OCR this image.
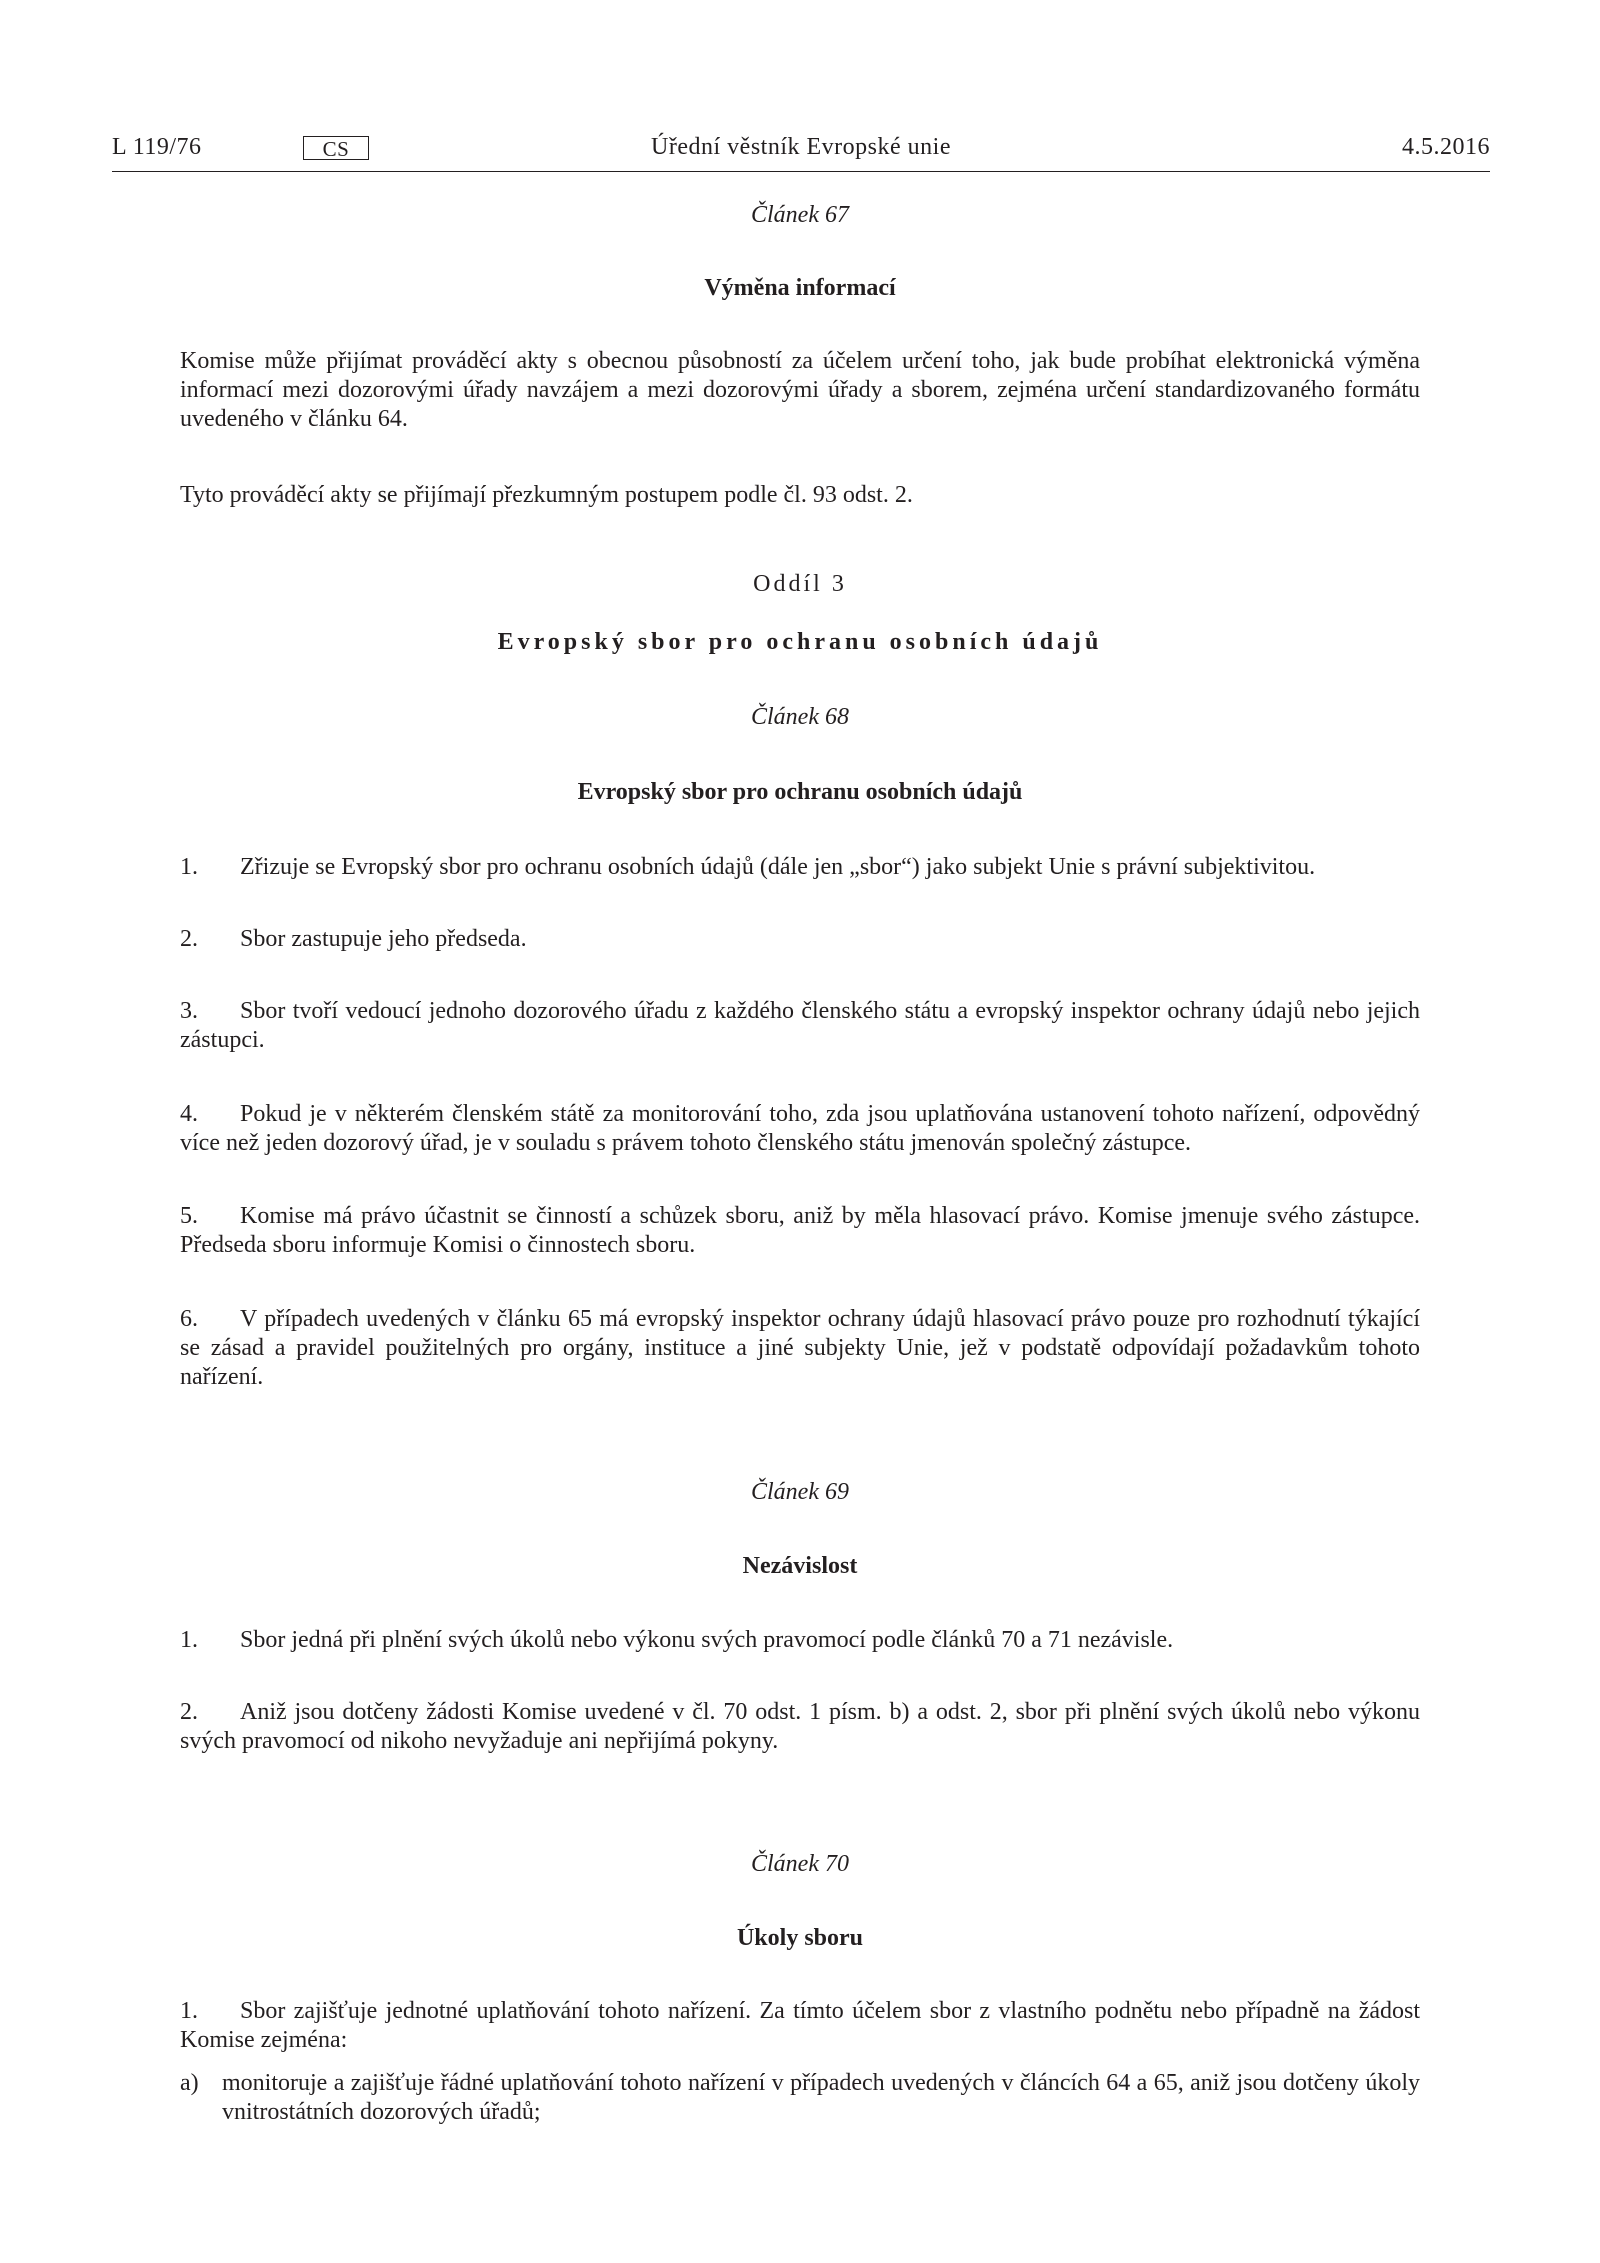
L 119/76	CS	Úřední věstník Evropské unie	4.5.2016
Článek 67
Výměna informací
Komise může přijímat prováděcí akty s obecnou působností za účelem určení toho, jak bude probíhat elektronická výměna informací mezi dozorovými úřady navzájem a mezi dozorovými úřady a sborem, zejména určení standardizovaného formátu uvedeného v článku 64.
Tyto prováděcí akty se přijímají přezkumným postupem podle čl. 93 odst. 2.
Oddíl 3
Evropský sbor pro ochranu osobních údajů
Článek 68
Evropský sbor pro ochranu osobních údajů
1. Zřizuje se Evropský sbor pro ochranu osobních údajů (dále jen „sbor“) jako subjekt Unie s právní subjektivitou.
2. Sbor zastupuje jeho předseda.
3. Sbor tvoří vedoucí jednoho dozorového úřadu z každého členského státu a evropský inspektor ochrany údajů nebo jejich zástupci.
4. Pokud je v některém členském státě za monitorování toho, zda jsou uplatňována ustanovení tohoto nařízení, odpovědný více než jeden dozorový úřad, je v souladu s právem tohoto členského státu jmenován společný zástupce.
5. Komise má právo účastnit se činností a schůzek sboru, aniž by měla hlasovací právo. Komise jmenuje svého zástupce. Předseda sboru informuje Komisi o činnostech sboru.
6. V případech uvedených v článku 65 má evropský inspektor ochrany údajů hlasovací právo pouze pro rozhodnutí týkající se zásad a pravidel použitelných pro orgány, instituce a jiné subjekty Unie, jež v podstatě odpovídají požadavkům tohoto nařízení.
Článek 69
Nezávislost
1. Sbor jedná při plnění svých úkolů nebo výkonu svých pravomocí podle článků 70 a 71 nezávisle.
2. Aniž jsou dotčeny žádosti Komise uvedené v čl. 70 odst. 1 písm. b) a odst. 2, sbor při plnění svých úkolů nebo výkonu svých pravomocí od nikoho nevyžaduje ani nepřijímá pokyny.
Článek 70
Úkoly sboru
1. Sbor zajišťuje jednotné uplatňování tohoto nařízení. Za tímto účelem sbor z vlastního podnětu nebo případně na žádost Komise zejména:
a) monitoruje a zajišťuje řádné uplatňování tohoto nařízení v případech uvedených v článcích 64 a 65, aniž jsou dotčeny úkoly vnitrostátních dozorových úřadů;
